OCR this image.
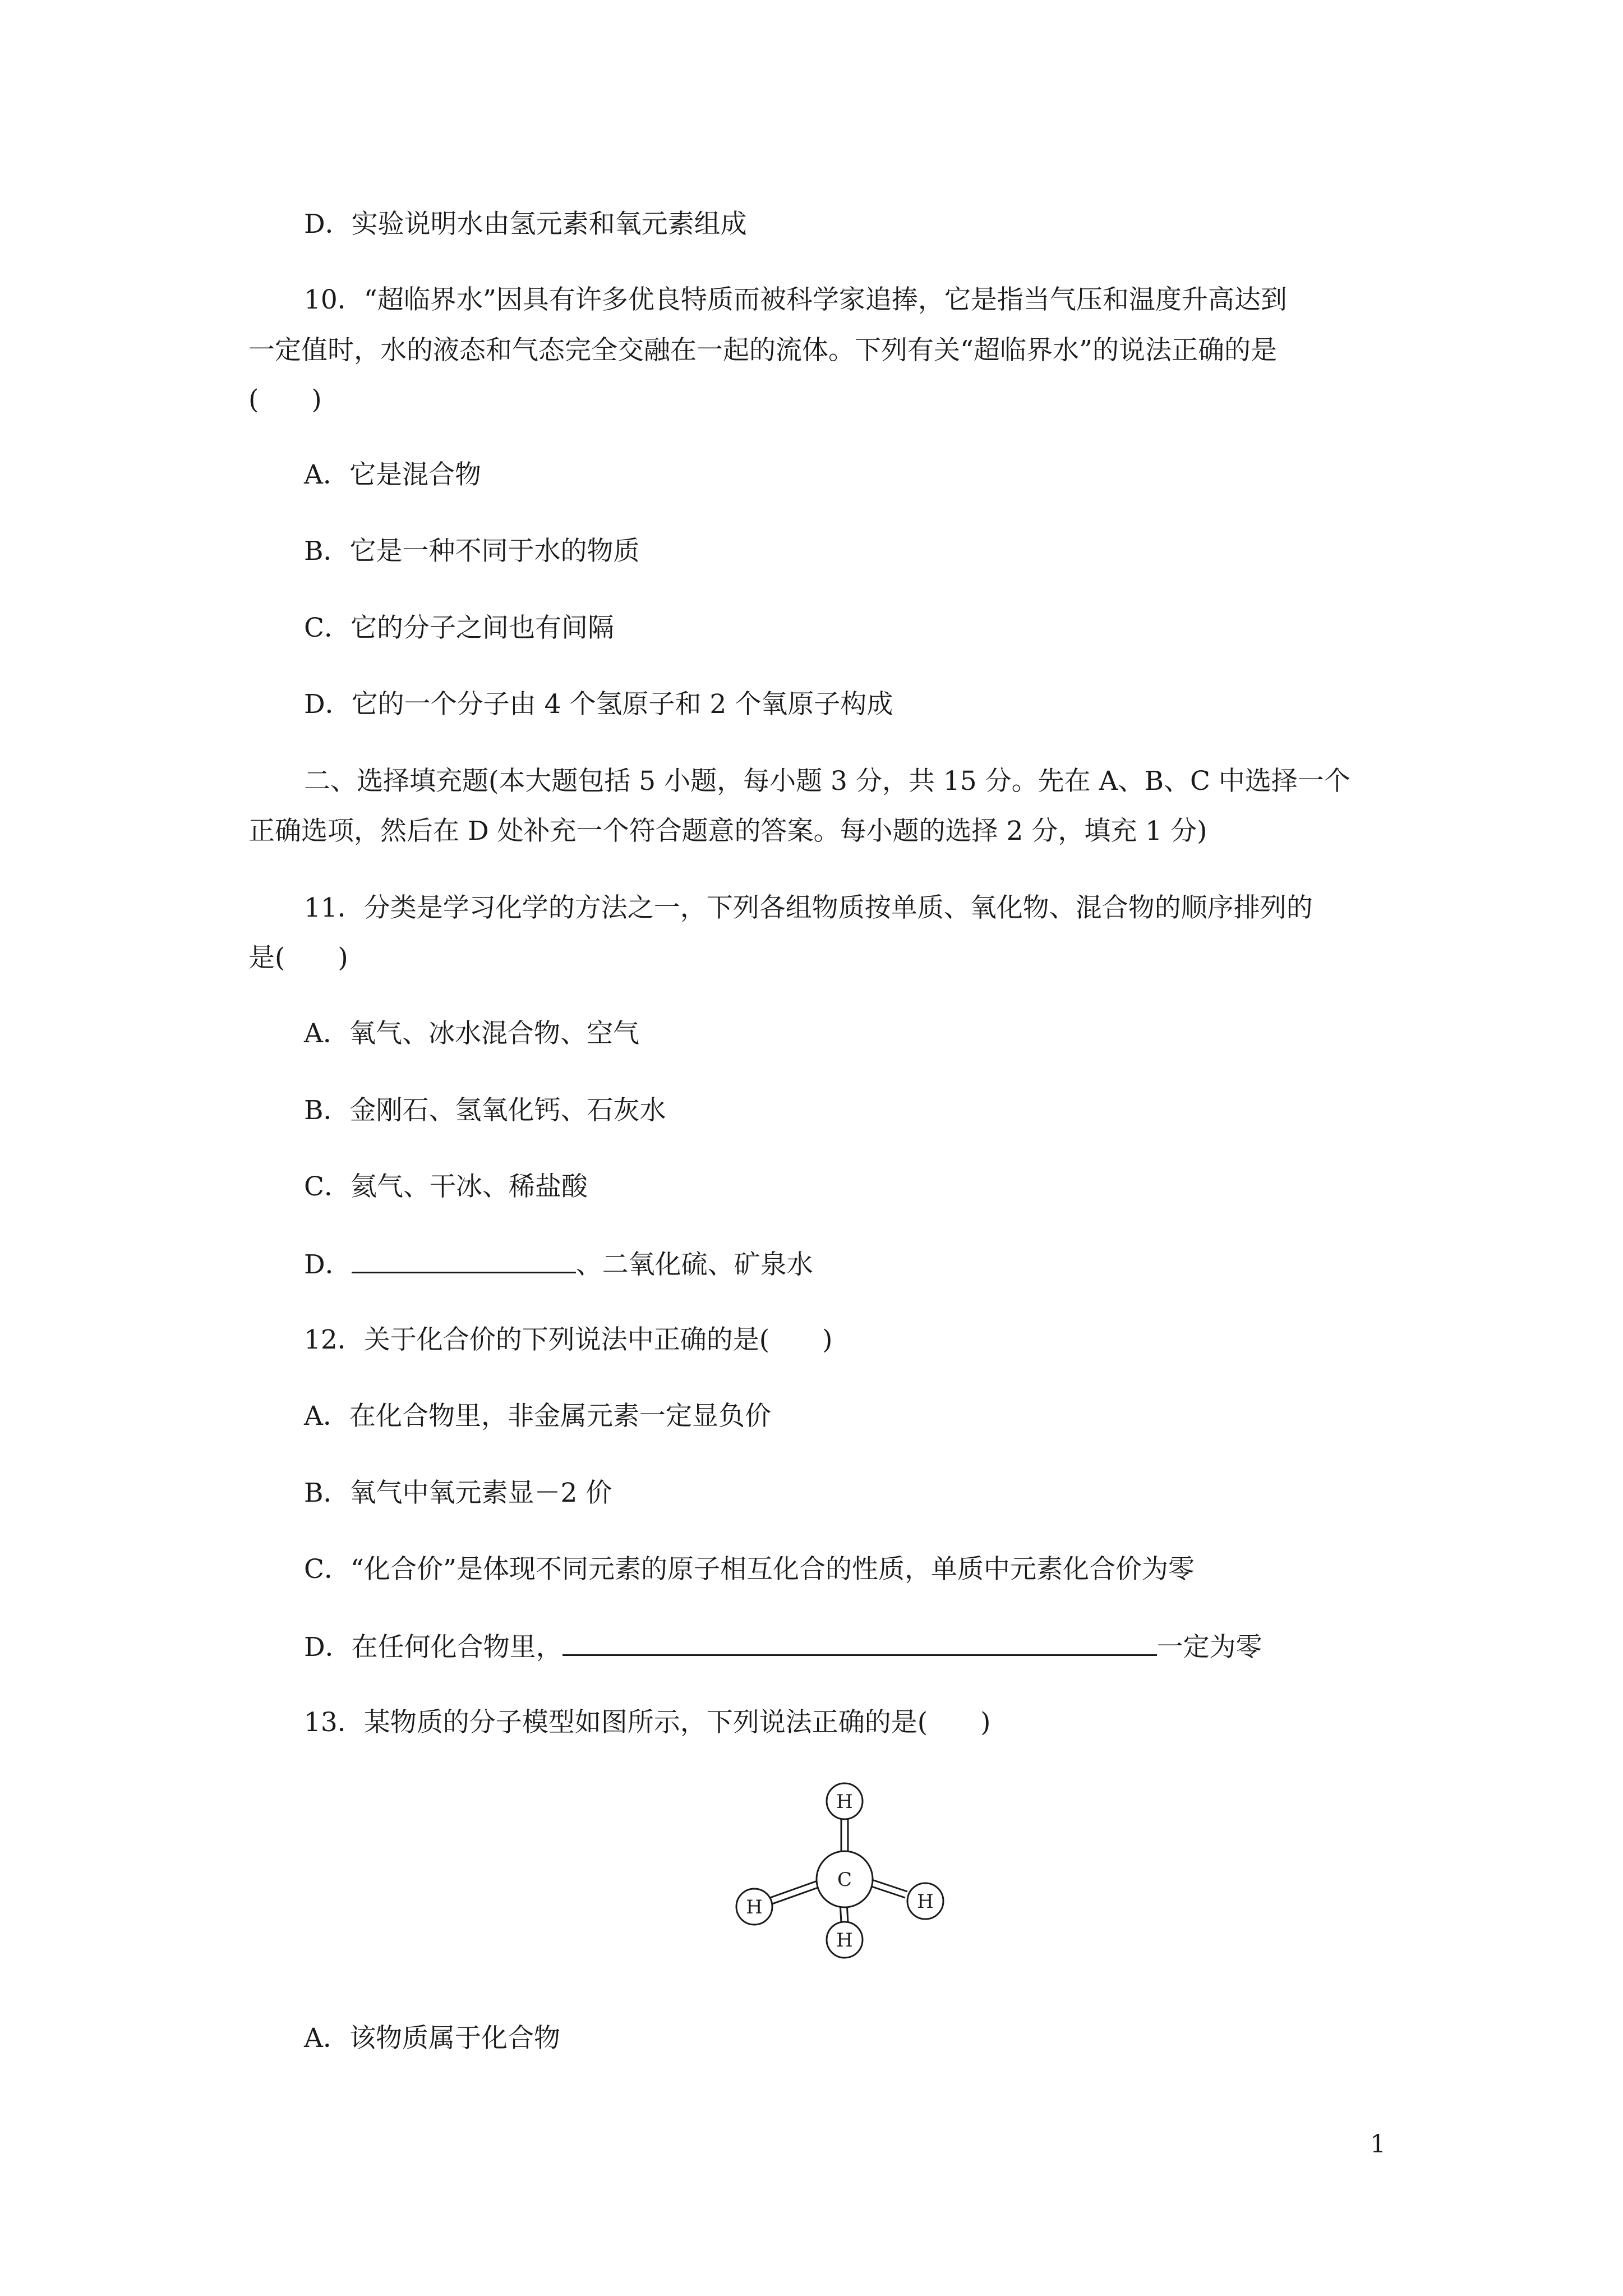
D．实验说明水由氢元素和氧元素组成
10．“超临界水”因具有许多优良特质而被科学家追捧，它是指当气压和温度升高达到
一定值时，水的液态和气态完全交融在一起的流体。下列有关“超临界水”的说法正确的是
(　　)
A．它是混合物
B．它是一种不同于水的物质
C．它的分子之间也有间隔
D．它的一个分子由 4 个氢原子和 2 个氧原子构成
二、选择填充题(本大题包括 5 小题，每小题 3 分，共 15 分。先在 A、B、C 中选择一个
正确选项，然后在 D 处补充一个符合题意的答案。每小题的选择 2 分，填充 1 分)
11．分类是学习化学的方法之一，下列各组物质按单质、氧化物、混合物的顺序排列的
是(　　)
A．氧气、冰水混合物、空气
B．金刚石、氢氧化钙、石灰水
C．氦气、干冰、稀盐酸
D．	、二氧化硫、矿泉水
12．关于化合价的下列说法中正确的是(　　)
A．在化合物里，非金属元素一定显负价
B．氧气中氧元素显－2 价
C．“化合价”是体现不同元素的原子相互化合的性质，单质中元素化合价为零
D．在任何化合物里，	一定为零
13．某物质的分子模型如图所示，下列说法正确的是(　　)
C
H
H	H
H
A．该物质属于化合物
1
